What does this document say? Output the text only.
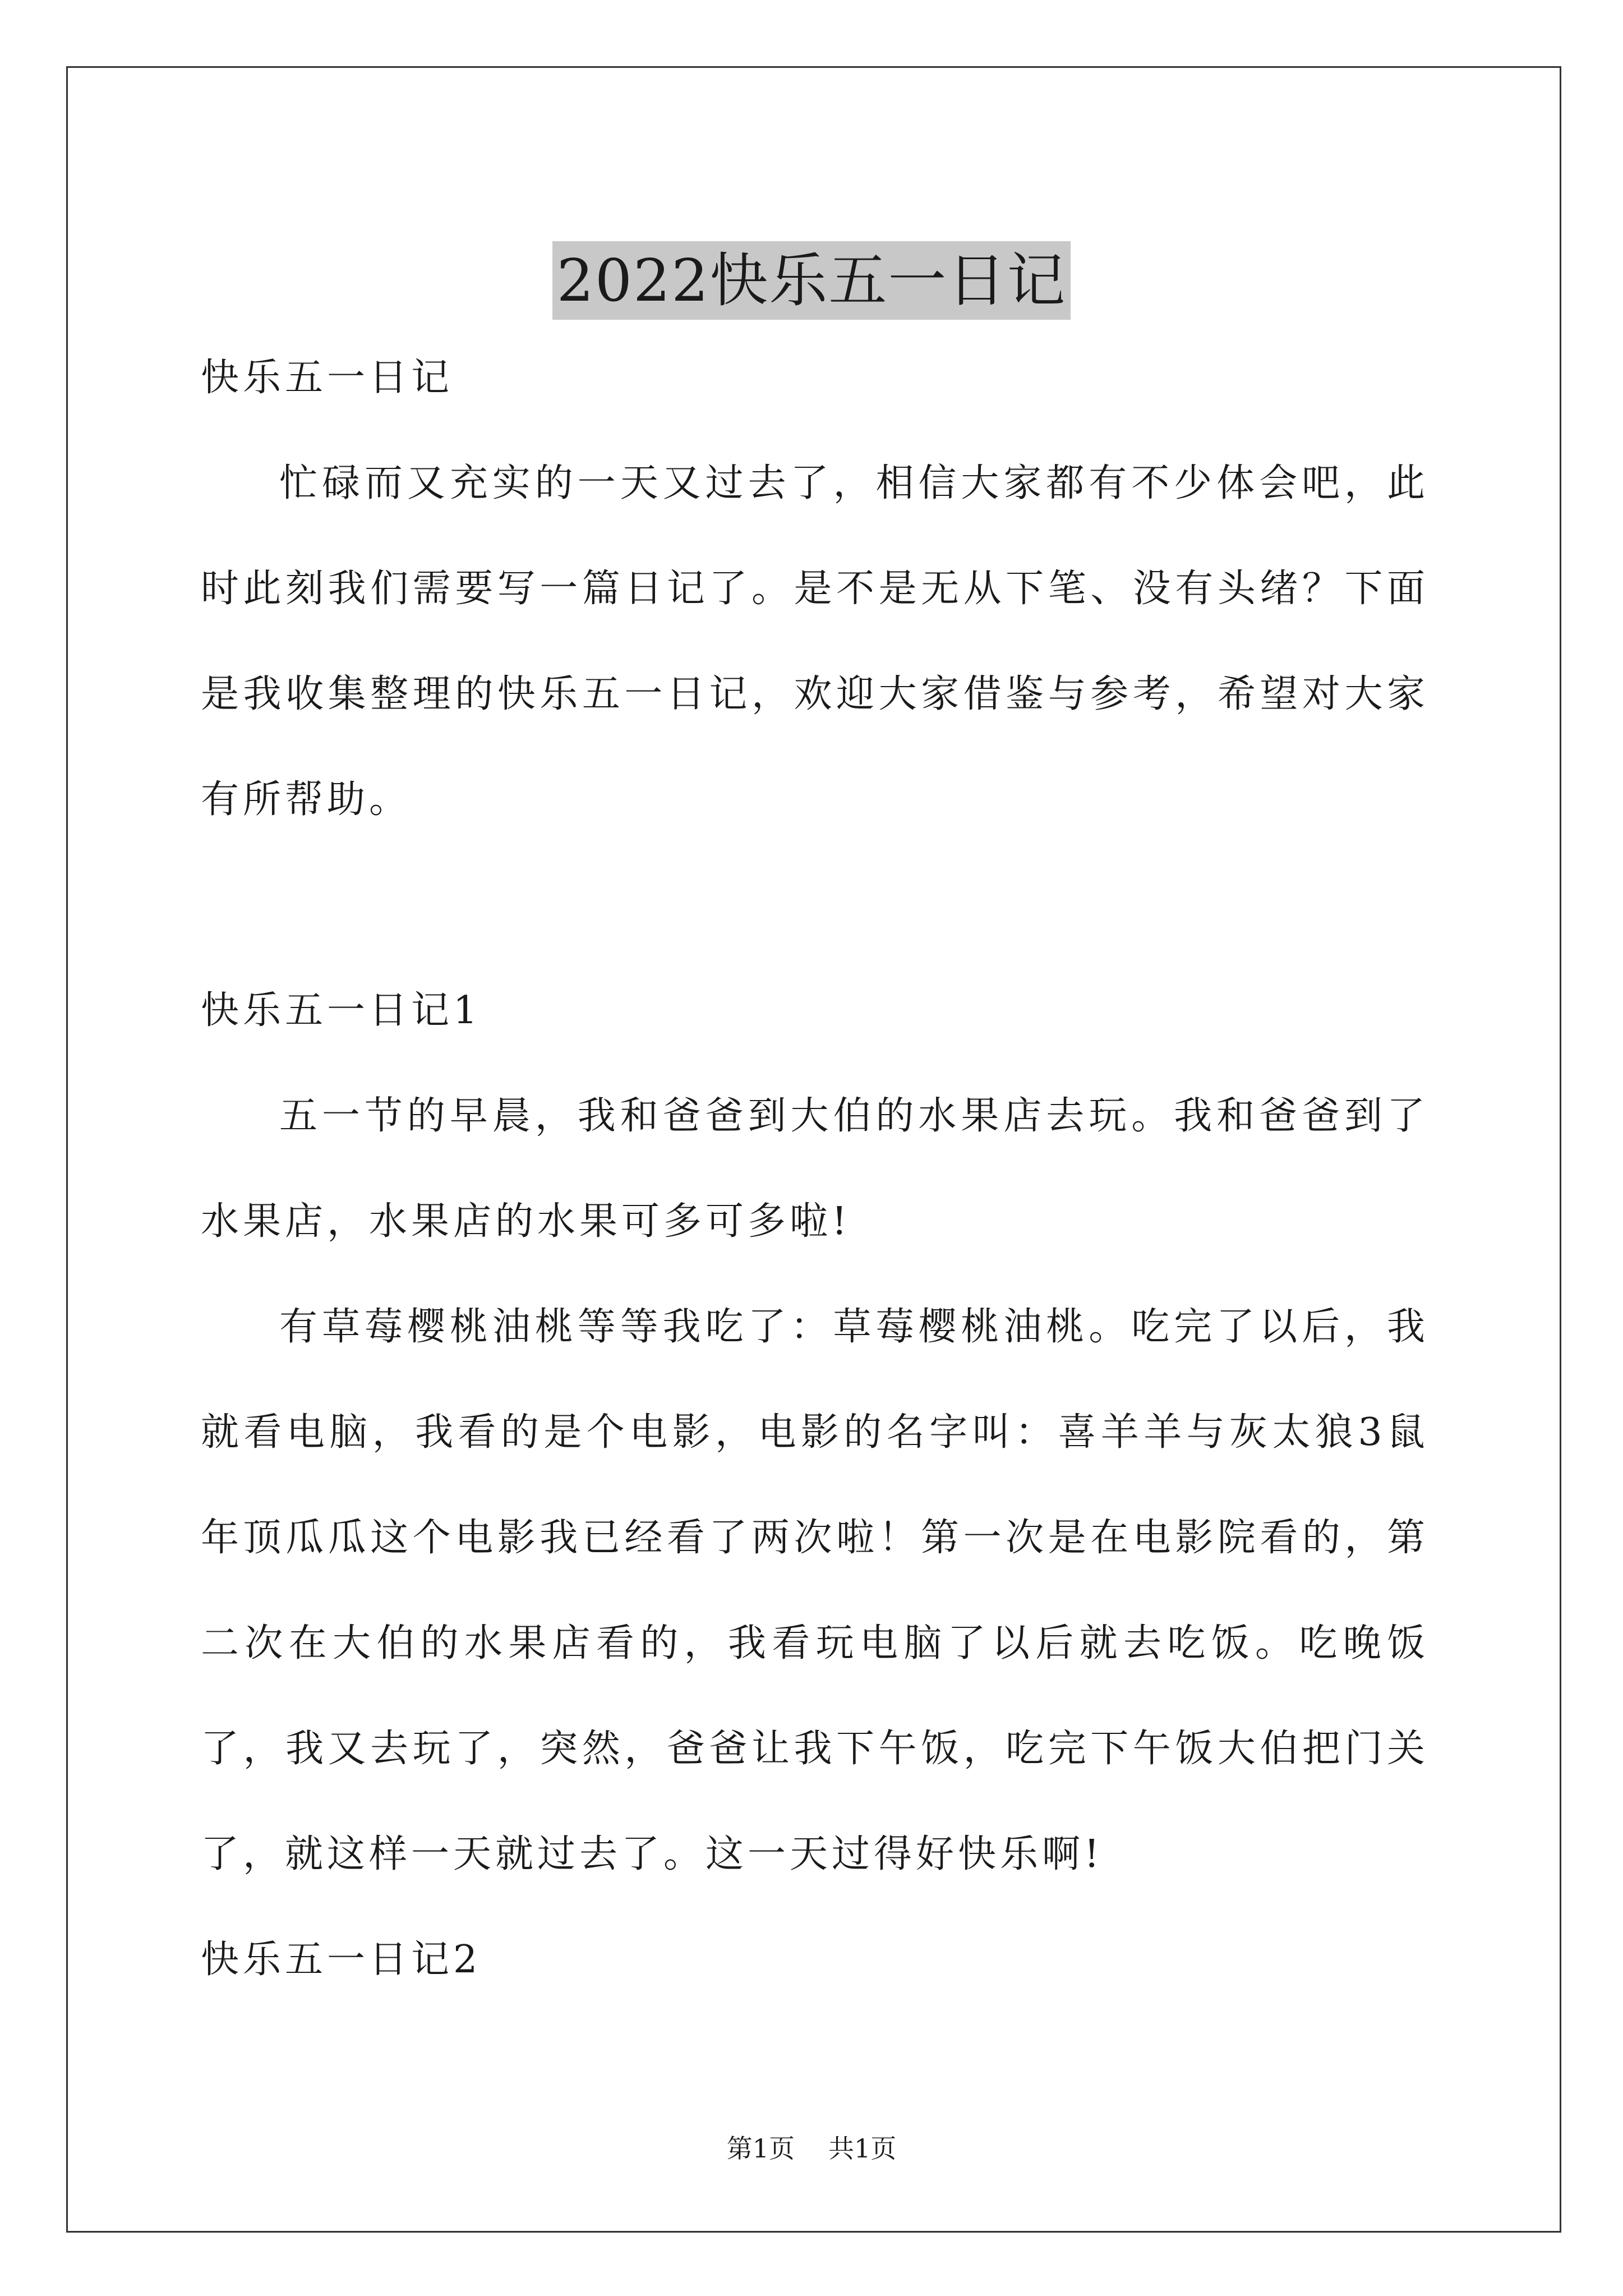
2022快乐五一日记

快乐五一日记

忙碌而又充实的一天又过去了，相信大家都有不少体会吧，此时此刻我们需要写一篇日记了。是不是无从下笔、没有头绪？下面是我收集整理的快乐五一日记，欢迎大家借鉴与参考，希望对大家有所帮助。

快乐五一日记1

五一节的早晨，我和爸爸到大伯的水果店去玩。我和爸爸到了水果店，水果店的水果可多可多啦!

有草莓樱桃油桃等等我吃了：草莓樱桃油桃。吃完了以后，我就看电脑，我看的是个电影，电影的名字叫：喜羊羊与灰太狼3鼠年顶瓜瓜这个电影我已经看了两次啦！第一次是在电影院看的，第二次在大伯的水果店看的，我看玩电脑了以后就去吃饭。吃晚饭了，我又去玩了，突然，爸爸让我下午饭，吃完下午饭大伯把门关了，就这样一天就过去了。这一天过得好快乐啊!

快乐五一日记2

第1页 共1页
